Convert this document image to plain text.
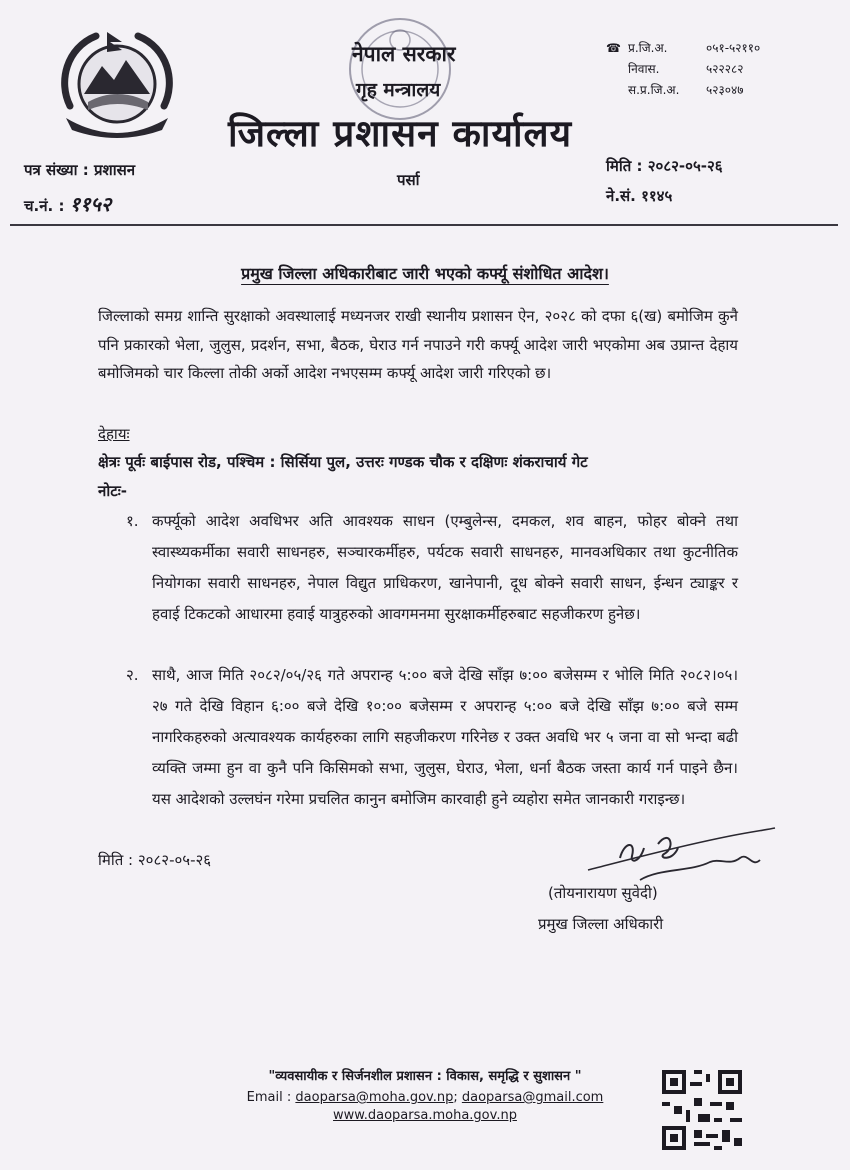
नेपाल सरकार
गृह मन्त्रालय
जिल्ला प्रशासन कार्यालय
☎ प्र.जि.अ.	०५१-५२११०
निवास.	५२२२८२
स.प्र.जि.अ.	५२३०४७
पत्र संख्या : प्रशासन
च.नं. : ११५२
पर्सा
मिति : २०८२-०५-२६
ने.सं. ११४५
प्रमुख जिल्ला अधिकारीबाट जारी भएको कर्फ्यू संशोधित आदेश।
जिल्लाको समग्र शान्ति सुरक्षाको अवस्थालाई मध्यनजर राखी स्थानीय प्रशासन ऐन, २०२८ को दफा ६(ख) बमोजिम कुनै पनि प्रकारको भेला, जुलुस, प्रदर्शन, सभा, बैठक, घेराउ गर्न नपाउने गरी कर्फ्यू आदेश जारी भएकोमा अब उप्रान्त देहाय बमोजिमको चार किल्ला तोकी अर्को आदेश नभएसम्म कर्फ्यू आदेश जारी गरिएको छ।
देहायः
क्षेत्रः पूर्वः बाईपास रोड, पश्चिम : सिर्सिया पुल, उत्तरः गण्डक चौक र दक्षिणः शंकराचार्य गेट
नोटः-
१. कर्फ्यूको आदेश अवधिभर अति आवश्यक साधन (एम्बुलेन्स, दमकल, शव बाहन, फोहर बोक्ने तथा स्वास्थ्यकर्मीका सवारी साधनहरु, सञ्चारकर्मीहरु, पर्यटक सवारी साधनहरु, मानवअधिकार तथा कुटनीतिक नियोगका सवारी साधनहरु, नेपाल विद्युत प्राधिकरण, खानेपानी, दूध बोक्ने सवारी साधन, ईन्धन ट्याङ्कर र हवाई टिकटको आधारमा हवाई यात्रुहरुको आवगमनमा सुरक्षाकर्मीहरुबाट सहजीकरण हुनेछ।
२. साथै, आज मिति २०८२/०५/२६ गते अपरान्ह ५:०० बजे देखि साँझ ७:०० बजेसम्म र भोलि मिति २०८२।०५।२७ गते देखि विहान ६:०० बजे देखि १०:०० बजेसम्म र अपरान्ह ५:०० बजे देखि साँझ ७:०० बजे सम्म नागरिकहरुको अत्यावश्यक कार्यहरुका लागि सहजीकरण गरिनेछ र उक्त अवधि भर ५ जना वा सो भन्दा बढी व्यक्ति जम्मा हुन वा कुनै पनि किसिमको सभा, जुलुस, घेराउ, भेला, धर्ना बैठक जस्ता कार्य गर्न पाइने छैन। यस आदेशको उल्लघंन गरेमा प्रचलित कानुन बमोजिम कारवाही हुने व्यहोरा समेत जानकारी गराइन्छ।
मिति : २०८२-०५-२६
(तोयनारायण सुवेदी)
प्रमुख जिल्ला अधिकारी
"व्यवसायीक र सिर्जनशील प्रशासन : विकास, समृद्धि र सुशासन "
Email : daoparsa@moha.gov.np; daoparsa@gmail.com
www.daoparsa.moha.gov.np
